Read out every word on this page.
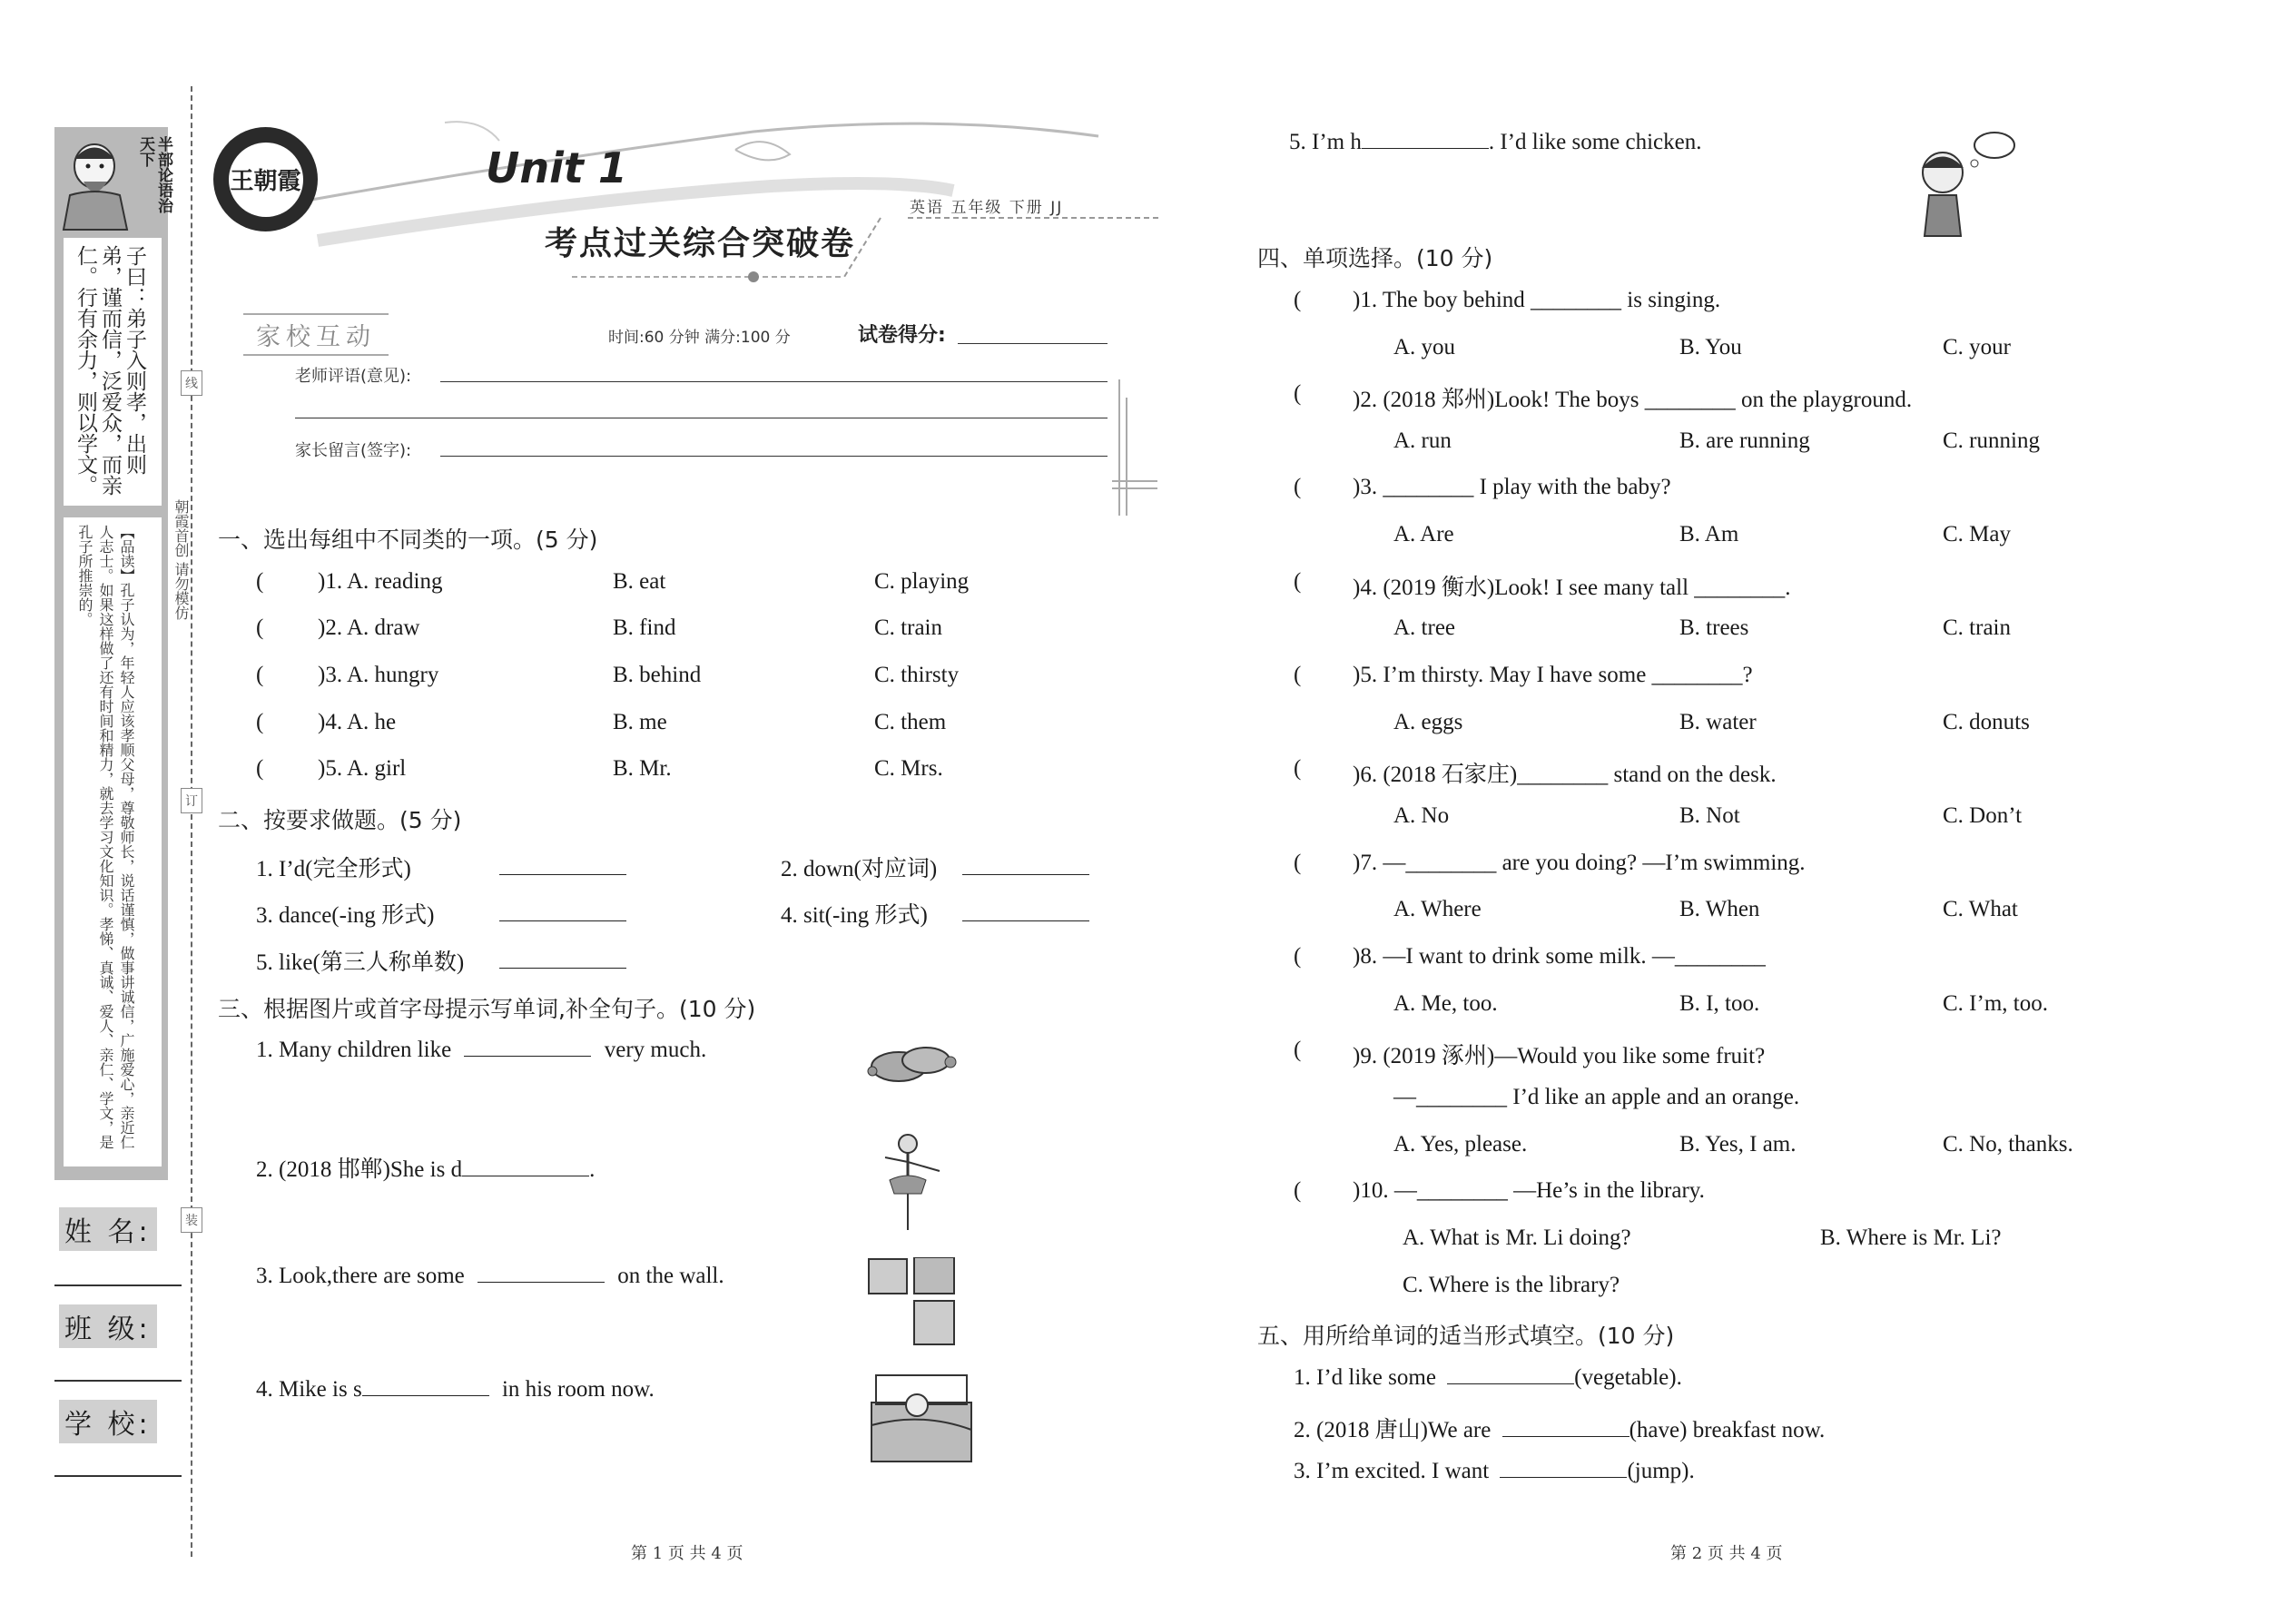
半部论语治天下
子曰：弟子入则孝，出则弟，谨而信，泛爱众，而亲仁。行有余力，则以学文。
【品读】孔子认为，年轻人应该孝顺父母，尊敬师长，说话谨慎，做事讲诚信，广施爱心，亲近仁人志士。如果这样做了还有时间和精力，就去学习文化知识。孝悌、真诚、爱人、亲仁、学文，是孔子所推崇的。
线
订
装
朝霞首创 请勿模仿
姓 名:
班 级:
学 校:
王朝霞	Unit 1
考点过关综合突破卷
英语 五年级 下册 JJ
家校互动	时间:60 分钟 满分:100 分	试卷得分:
老师评语(意见):
家长留言(签字):
一、选出每组中不同类的一项。(5 分)
( )1. A. reading	B. eat	C. playing
( )2. A. draw	B. find	C. train
( )3. A. hungry	B. behind	C. thirsty
( )4. A. he	B. me	C. them
( )5. A. girl	B. Mr.	C. Mrs.
二、按要求做题。(5 分)
1. I’d(完全形式)	2. down(对应词)
3. dance(-ing 形式)	4. sit(-ing 形式)
5. like(第三人称单数)
三、根据图片或首字母提示写单词,补全句子。(10 分)
1. Many children like	very much.
2. (2018 邯郸)She is d	.
3. Look,there are some	on the wall.
4. Mike is s	in his room now.
5. I’m h	. I’d like some chicken.
四、单项选择。(10 分)
( )1. The boy behind ________ is singing.
A. you	B. You	C. your
( )2. (2018 郑州)Look! The boys ________ on the playground.
A. run	B. are running	C. running
( )3. ________ I play with the baby?
A. Are	B. Am	C. May
( )4. (2019 衡水)Look! I see many tall ________.
A. tree	B. trees	C. train
( )5. I’m thirsty. May I have some ________?
A. eggs	B. water	C. donuts
( )6. (2018 石家庄)________ stand on the desk.
A. No	B. Not	C. Don’t
( )7. —________ are you doing? —I’m swimming.
A. Where	B. When	C. What
( )8. —I want to drink some milk. —________
A. Me, too.	B. I, too.	C. I’m, too.
( )9. (2019 涿州)—Would you like some fruit?
—________ I’d like an apple and an orange.
A. Yes, please.	B. Yes, I am.	C. No, thanks.
( )10. —________ —He’s in the library.
A. What is Mr. Li doing?	B. Where is Mr. Li?
C. Where is the library?
五、用所给单词的适当形式填空。(10 分)
1. I’d like some	(vegetable).
2. (2018 唐山)We are	(have) breakfast now.
3. I’m excited. I want	(jump).
第 1 页 共 4 页	第 2 页 共 4 页
